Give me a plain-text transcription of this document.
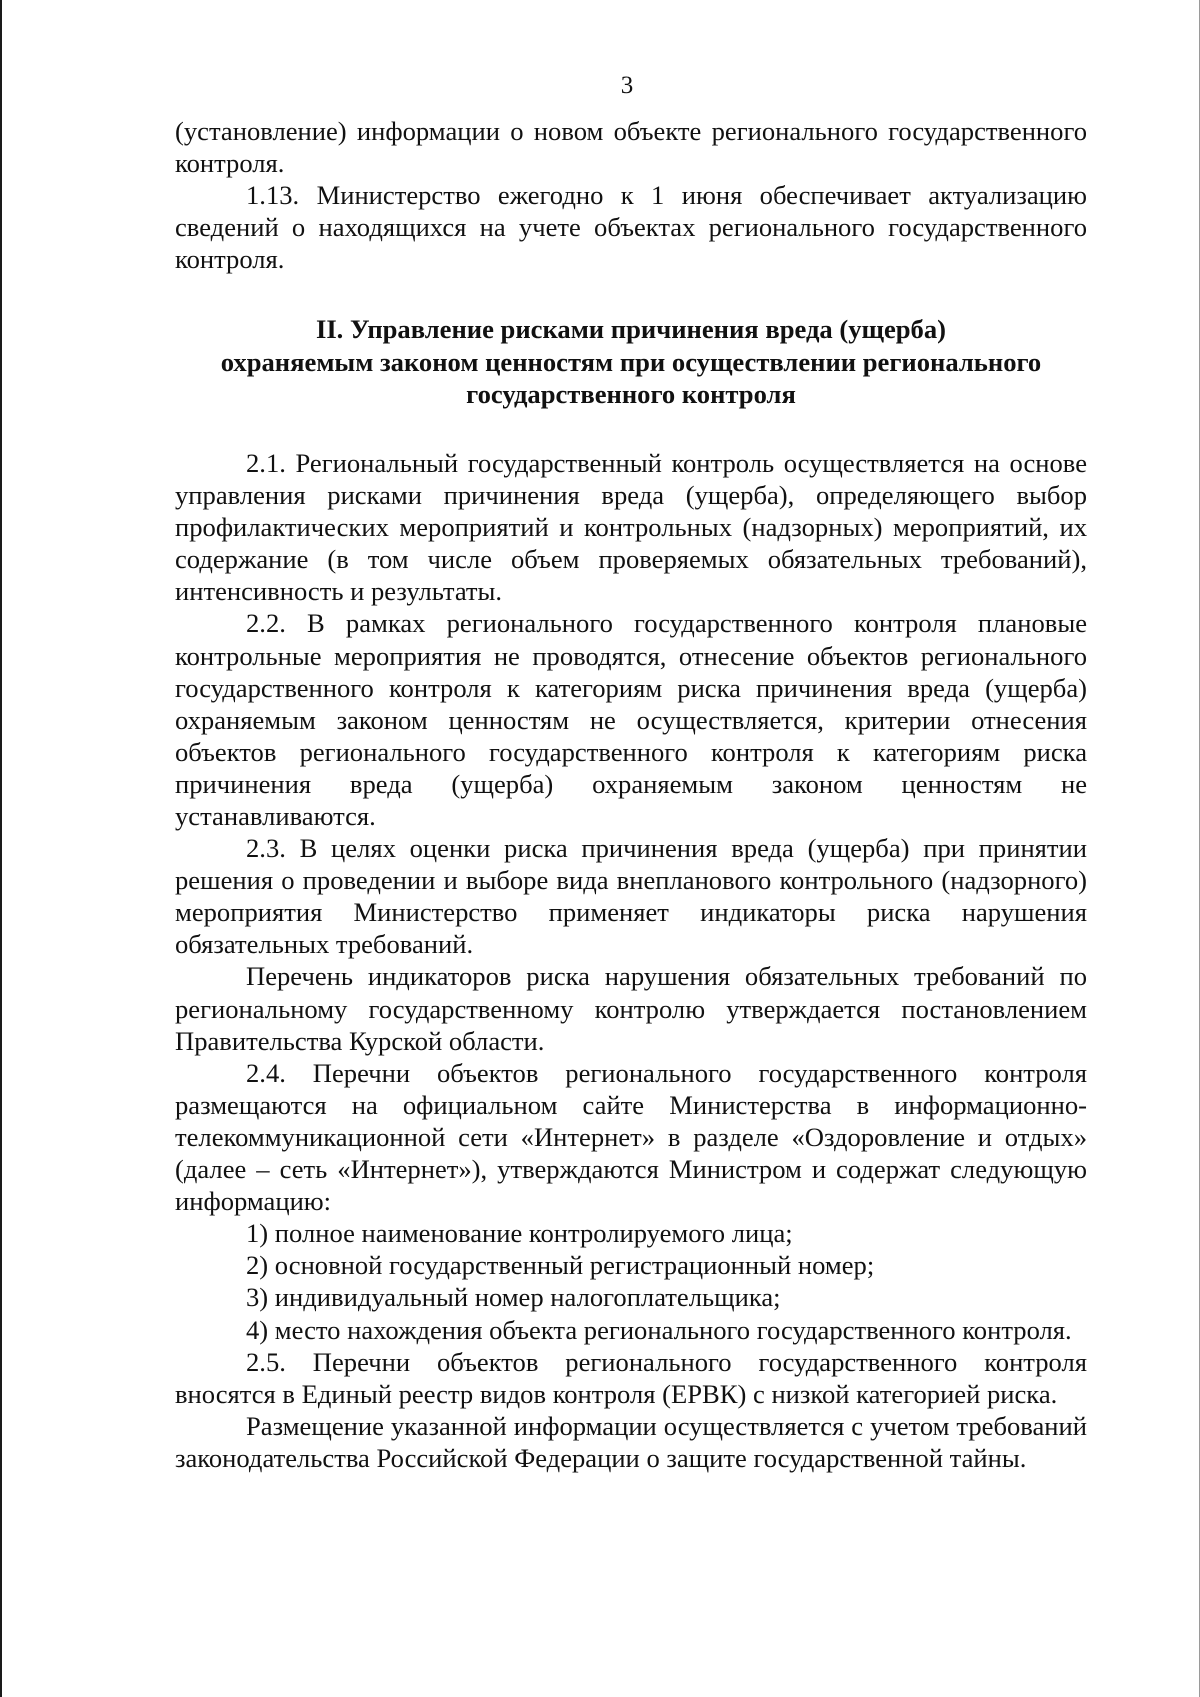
3

(установление) информации о новом объекте регионального государственного контроля.

1.13. Министерство ежегодно к 1 июня обеспечивает актуализацию сведений о находящихся на учете объектах регионального государственного контроля.

II. Управление рисками причинения вреда (ущерба)
охраняемым законом ценностям при осуществлении регионального
государственного контроля

2.1. Региональный государственный контроль осуществляется на основе управления рисками причинения вреда (ущерба), определяющего выбор профилактических мероприятий и контрольных (надзорных) мероприятий, их содержание (в том числе объем проверяемых обязательных требований), интенсивность и результаты.

2.2. В рамках регионального государственного контроля плановые контрольные мероприятия не проводятся, отнесение объектов регионального государственного контроля к категориям риска причинения вреда (ущерба) охраняемым законом ценностям не осуществляется, критерии отнесения объектов регионального государственного контроля к категориям риска причинения вреда (ущерба) охраняемым законом ценностям не устанавливаются.

2.3. В целях оценки риска причинения вреда (ущерба) при принятии решения о проведении и выборе вида внепланового контрольного (надзорного) мероприятия Министерство применяет индикаторы риска нарушения обязательных требований.

Перечень индикаторов риска нарушения обязательных требований по региональному государственному контролю утверждается постановлением Правительства Курской области.

2.4. Перечни объектов регионального государственного контроля размещаются на официальном сайте Министерства в информационно-телекоммуникационной сети «Интернет» в разделе «Оздоровление и отдых» (далее – сеть «Интернет»), утверждаются Министром и содержат следующую информацию:

1) полное наименование контролируемого лица;

2) основной государственный регистрационный номер;

3) индивидуальный номер налогоплательщика;

4) место нахождения объекта регионального государственного контроля.

2.5. Перечни объектов регионального государственного контроля вносятся в Единый реестр видов контроля (ЕРВК) с низкой категорией риска.

Размещение указанной информации осуществляется с учетом требований законодательства Российской Федерации о защите государственной тайны.
